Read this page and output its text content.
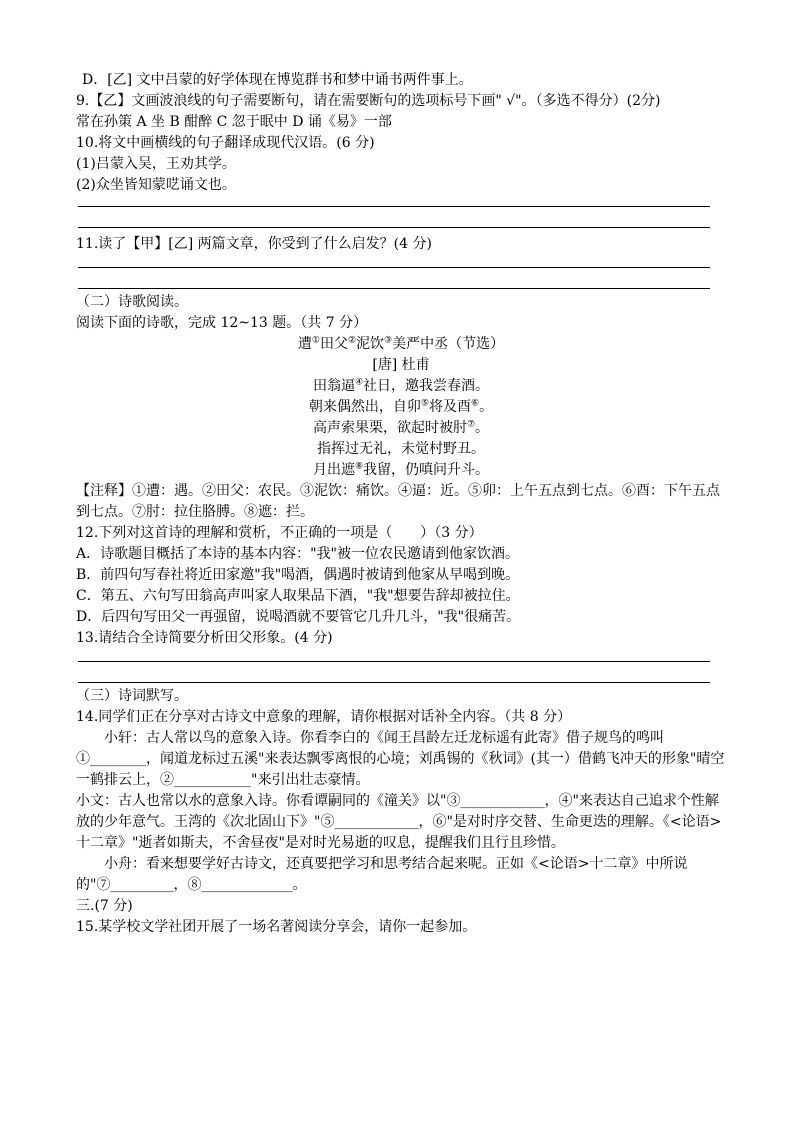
D．[乙] 文中吕蒙的好学体现在博览群书和梦中诵书两件事上。
9.【乙】文画波浪线的句子需要断句，请在需要断句的选项标号下画" √"。（多选不得分）(2分)
常在孙策 A 坐 B 酣醉 C 忽于眠中 D 诵《易》一部
10.将文中画横线的句子翻译成现代汉语。(6 分)
(1)吕蒙入吴，王劝其学。
(2)众坐皆知蒙呓诵文也。
11.读了【甲】[乙] 两篇文章，你受到了什么启发？(4 分)
（二）诗歌阅读。
阅读下面的诗歌，完成 12~13 题。（共 7 分）
遭①田父②泥饮③美严中丞（节选）
[唐] 杜甫
田翁逼④社日，邀我尝春酒。
朝来偶然出，自卯⑤将及酉⑥。
高声索果栗，欲起时被肘⑦。
指挥过无礼，未觉村野丑。
月出遮⑧我留，仍嗔问升斗。
【注释】①遭：遇。②田父：农民。③泥饮：痛饮。④逼：近。⑤卯：上午五点到七点。⑥酉：下午五点到七点。⑦肘：拉住胳膊。⑧遮：拦。
12.下列对这首诗的理解和赏析，不正确的一项是（　　）（3 分）
A．诗歌题目概括了本诗的基本内容："我"被一位农民邀请到他家饮酒。
B．前四句写春社将近田家邀"我"喝酒，偶遇时被请到他家从早喝到晚。
C．第五、六句写田翁高声叫家人取果品下酒，"我"想要告辞却被拉住。
D．后四句写田父一再强留，说喝酒就不要管它几升几斗，"我"很痛苦。
13.请结合全诗简要分析田父形象。(4 分)
（三）诗词默写。
14.同学们正在分享对古诗文中意象的理解，请你根据对话补全内容。（共 8 分）
小轩：古人常以鸟的意象入诗。你看李白的《闻王昌龄左迁龙标遥有此寄》借子规鸟的鸣叫①________，闻道龙标过五溪"来表达飘零离恨的心境；刘禹锡的《秋词》(其一）借鹤飞冲天的形象"晴空一鹤排云上，②___________"来引出壮志豪情。
小文：古人也常以水的意象入诗。你看谭嗣同的《潼关》以"③____________，④"来表达自己追求个性解放的少年意气。王湾的《次北固山下》"⑤____________，⑥"是对时序交替、生命更迭的理解。《<论语>十二章》"逝者如斯夫，不舍昼夜"是对时光易逝的叹息，提醒我们且行且珍惜。
小舟：看来想要学好古诗文，还真要把学习和思考结合起来呢。正如《<论语>十二章》中所说的"⑦_________，⑧_____________。
三.(7 分)
15.某学校文学社团开展了一场名著阅读分享会，请你一起参加。
